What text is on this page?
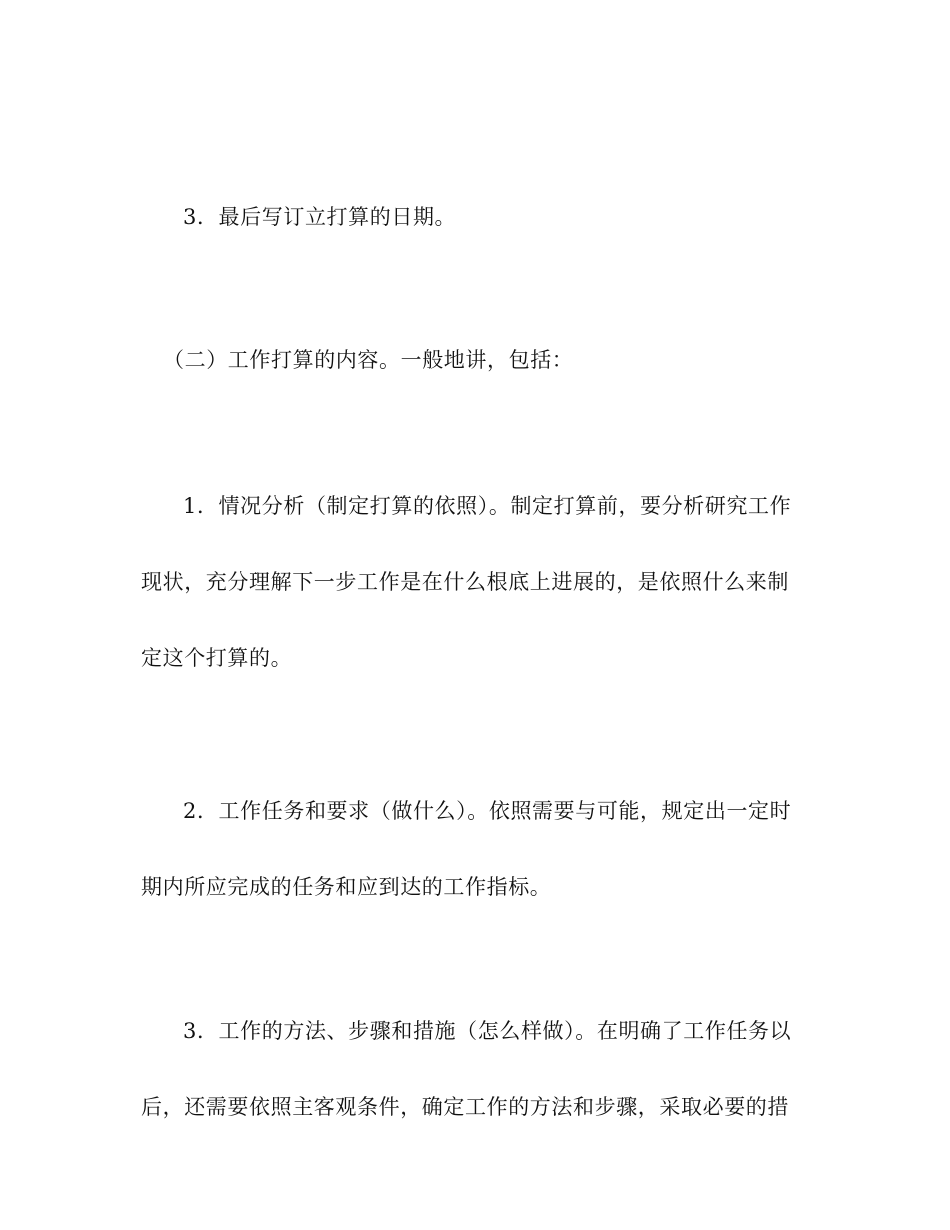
3．最后写订立打算的日期。
（二）工作打算的内容。一般地讲，包括：
1．情况分析（制定打算的依照）。制定打算前，要分析研究工作
现状，充分理解下一步工作是在什么根底上进展的，是依照什么来制
定这个打算的。
2．工作任务和要求（做什么）。依照需要与可能，规定出一定时
期内所应完成的任务和应到达的工作指标。
3．工作的方法、步骤和措施（怎么样做）。在明确了工作任务以
后，还需要依照主客观条件，确定工作的方法和步骤，采取必要的措
